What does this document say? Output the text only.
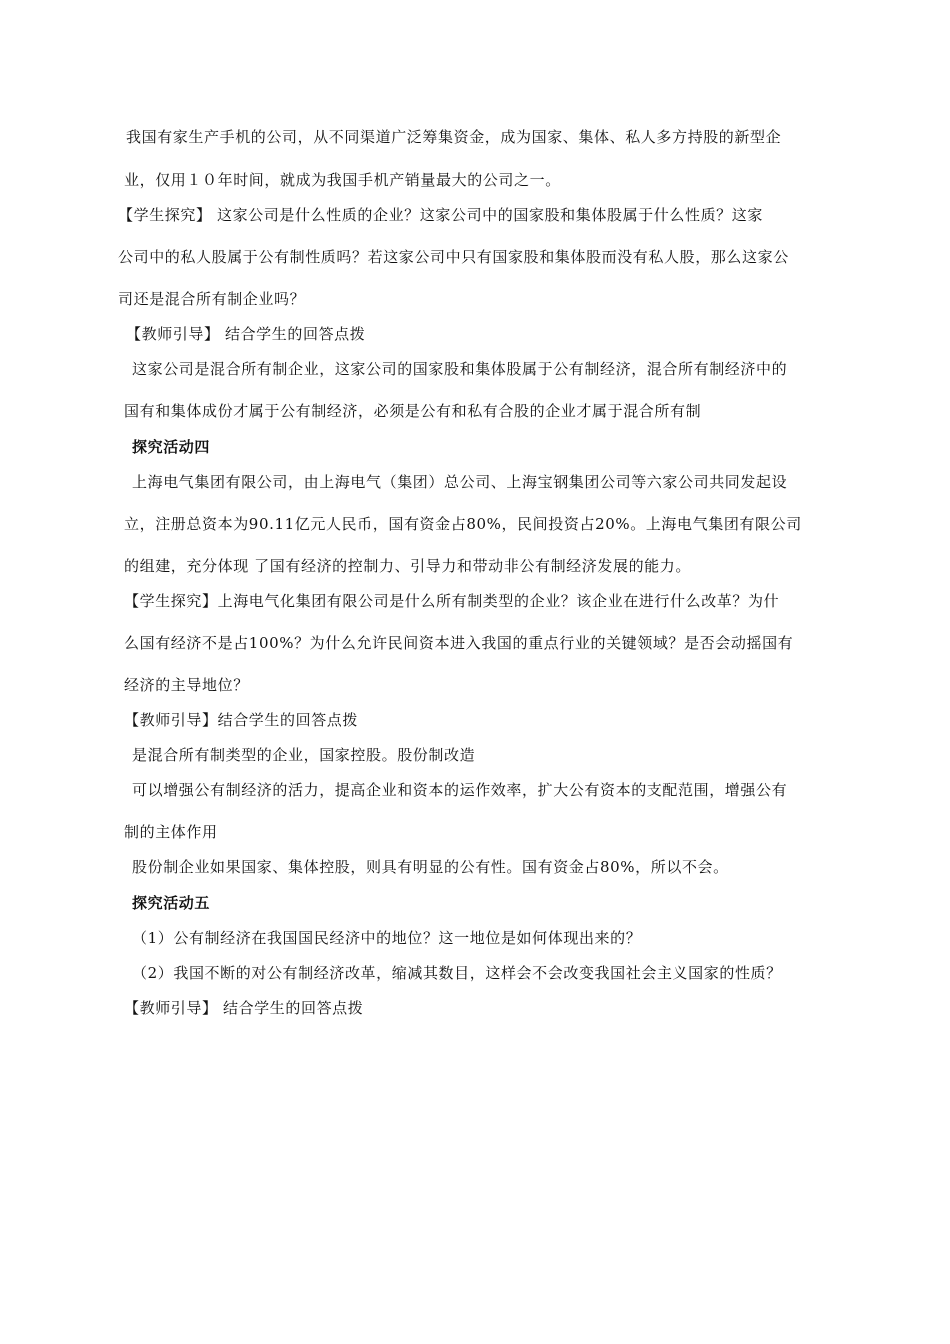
我国有家生产手机的公司，从不同渠道广泛筹集资金，成为国家、集体、私人多方持股的新型企
业，仅用１０年时间，就成为我国手机产销量最大的公司之一。
【学生探究】 这家公司是什么性质的企业？这家公司中的国家股和集体股属于什么性质？这家
公司中的私人股属于公有制性质吗？若这家公司中只有国家股和集体股而没有私人股，那么这家公
司还是混合所有制企业吗？
【教师引导】 结合学生的回答点拨
这家公司是混合所有制企业，这家公司的国家股和集体股属于公有制经济，混合所有制经济中的
国有和集体成份才属于公有制经济，必须是公有和私有合股的企业才属于混合所有制
探究活动四
上海电气集团有限公司，由上海电气（集团）总公司、上海宝钢集团公司等六家公司共同发起设
立，注册总资本为90.11亿元人民币，国有资金占80%，民间投资占20%。上海电气集团有限公司
的组建，充分体现 了国有经济的控制力、引导力和带动非公有制经济发展的能力。
【学生探究】上海电气化集团有限公司是什么所有制类型的企业？该企业在进行什么改革？为什
么国有经济不是占100%？为什么允许民间资本进入我国的重点行业的关键领域？是否会动摇国有
经济的主导地位？
【教师引导】结合学生的回答点拨
是混合所有制类型的企业，国家控股。股份制改造
可以增强公有制经济的活力，提高企业和资本的运作效率，扩大公有资本的支配范围，增强公有
制的主体作用
股份制企业如果国家、集体控股，则具有明显的公有性。国有资金占80%，所以不会。
探究活动五
（1）公有制经济在我国国民经济中的地位？这一地位是如何体现出来的？
（2）我国不断的对公有制经济改革，缩减其数目，这样会不会改变我国社会主义国家的性质？
【教师引导】 结合学生的回答点拨
